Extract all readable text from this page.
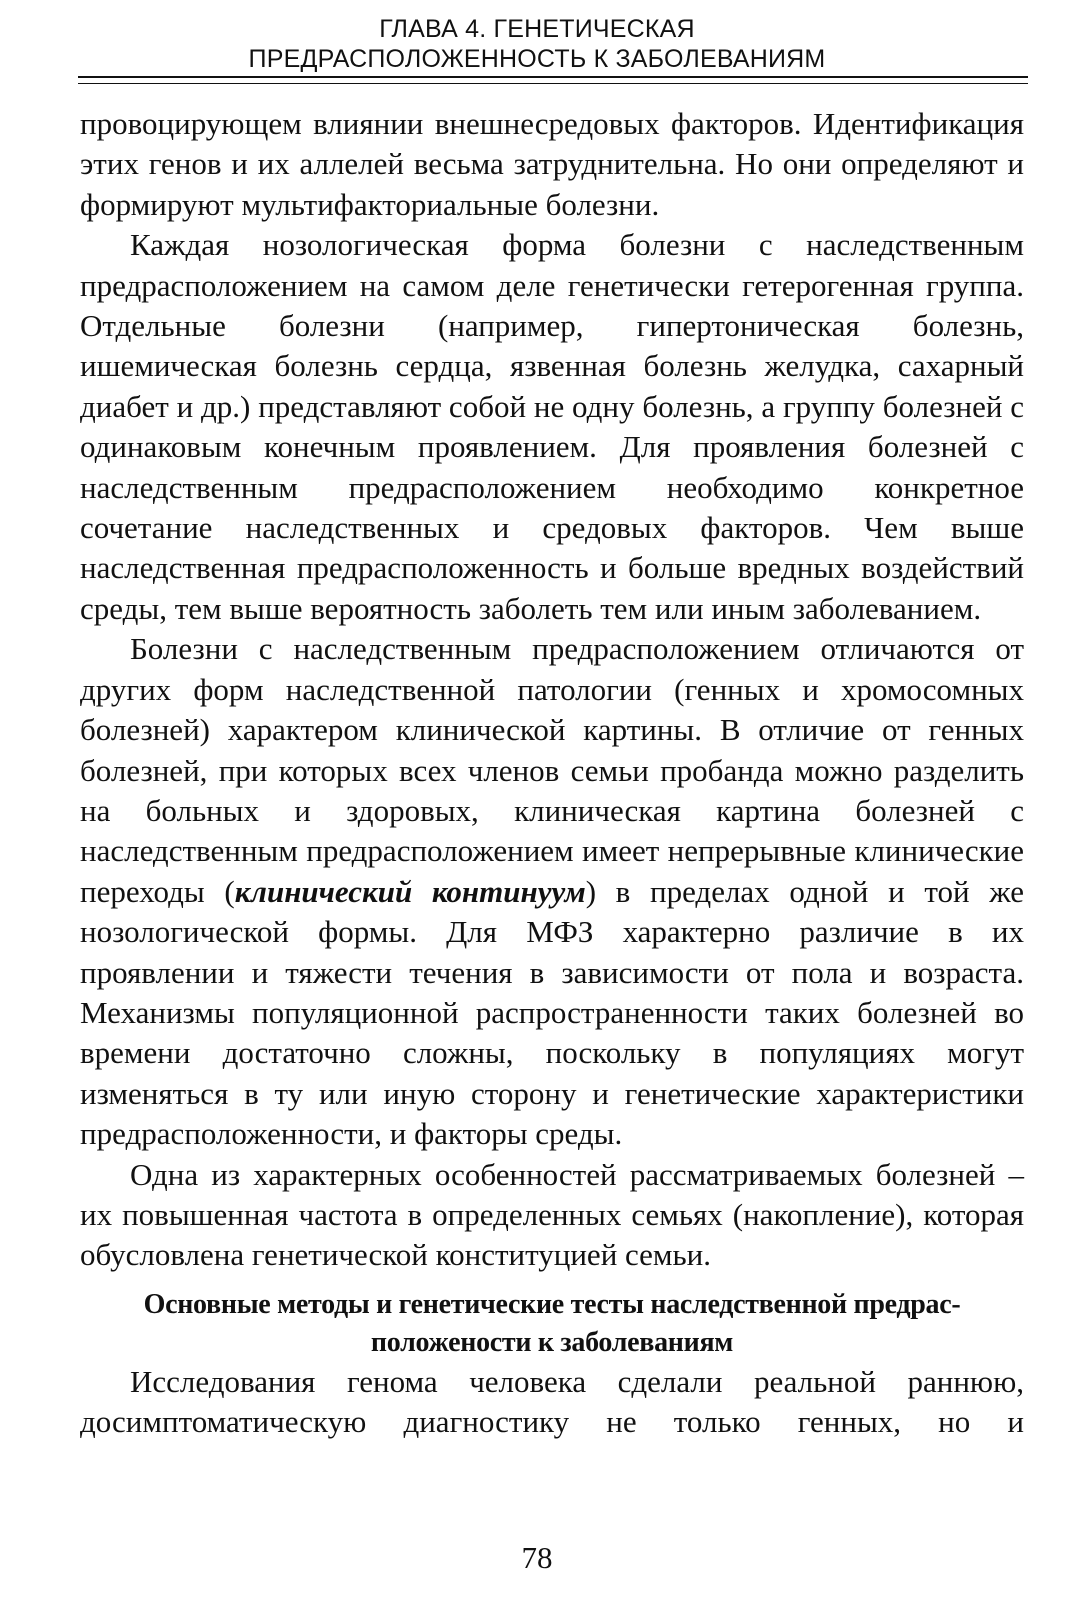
ГЛАВА 4. ГЕНЕТИЧЕСКАЯ
ПРЕДРАСПОЛОЖЕННОСТЬ К ЗАБОЛЕВАНИЯМ

провоцирующем влиянии внешнесредовых факторов. Идентификация этих генов и их аллелей весьма затруднительна. Но они определяют и формируют мультифакториальные болезни.

Каждая нозологическая форма болезни с наследственным предрасположением на самом деле генетически гетерогенная группа. Отдельные болезни (например, гипертоническая болезнь, ишемическая болезнь сердца, язвенная болезнь желудка, сахарный диабет и др.) представляют собой не одну болезнь, а группу болезней с одинаковым конечным проявлением. Для проявления болезней с наследственным предрасположением необходимо конкретное сочетание наследственных и средовых факторов. Чем выше наследственная предрасположенность и больше вредных воздействий среды, тем выше вероятность заболеть тем или иным заболеванием.

Болезни с наследственным предрасположением отличаются от других форм наследственной патологии (генных и хромосомных болезней) характером клинической картины. В отличие от генных болезней, при которых всех членов семьи пробанда можно разделить на больных и здоровых, клиническая картина болезней с наследственным предрасположением имеет непрерывные клинические переходы (клинический континуум) в пределах одной и той же нозологической формы. Для МФЗ характерно различие в их проявлении и тяжести течения в зависимости от пола и возраста. Механизмы популяционной распространенности таких болезней во времени достаточно сложны, поскольку в популяциях могут изменяться в ту или иную сторону и генетические характеристики предрасположенности, и факторы среды.

Одна из характерных особенностей рассматриваемых болезней – их повышенная частота в определенных семьях (накопление), которая обусловлена генетической конституцией семьи.

Основные методы и генетические тесты наследственной предрас-
положености к заболеваниям

Исследования генома человека сделали реальной раннюю, досимптоматическую диагностику не только генных, но и

78
